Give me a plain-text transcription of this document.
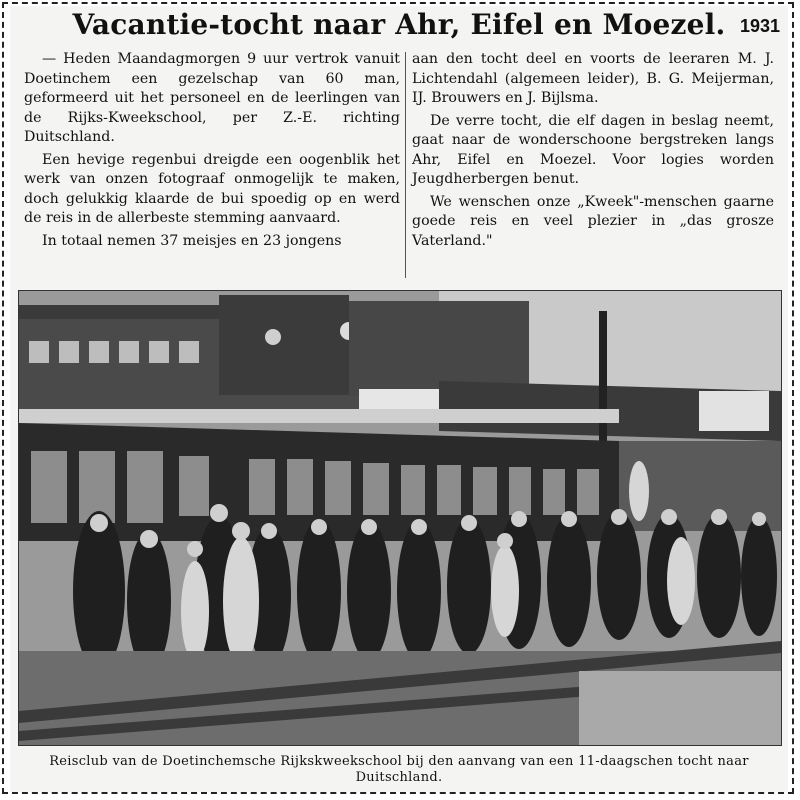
Vacantie-tocht naar Ahr, Eifel en Moezel. 1931

— Heden Maandagmorgen 9 uur vertrok vanuit Doetinchem een gezelschap van 60 man, geformeerd uit het personeel en de leerlingen van de Rijks-Kweekschool, per Z.-E. richting Duitschland.

Een hevige regenbui dreigde een oogenblik het werk van onzen fotograaf onmogelijk te maken, doch gelukkig klaarde de bui spoedig op en werd de reis in de allerbeste stemming aanvaard.

In totaal nemen 37 meisjes en 23 jongens

aan den tocht deel en voorts de leeraren M. J. Lichtendahl (algemeen leider), B. G. Meijerman, IJ. Brouwers en J. Bijlsma.

De verre tocht, die elf dagen in beslag neemt, gaat naar de wonderschoone bergstreken langs Ahr, Eifel en Moezel. Voor logies worden Jeugdherbergen benut.

We wenschen onze „Kweek"-menschen gaarne goede reis en veel plezier in „das grosze Vaterland."

Reisclub van de Doetinchemsche Rijkskweekschool bij den aanvang van een 11-daagschen tocht naar Duitschland.
